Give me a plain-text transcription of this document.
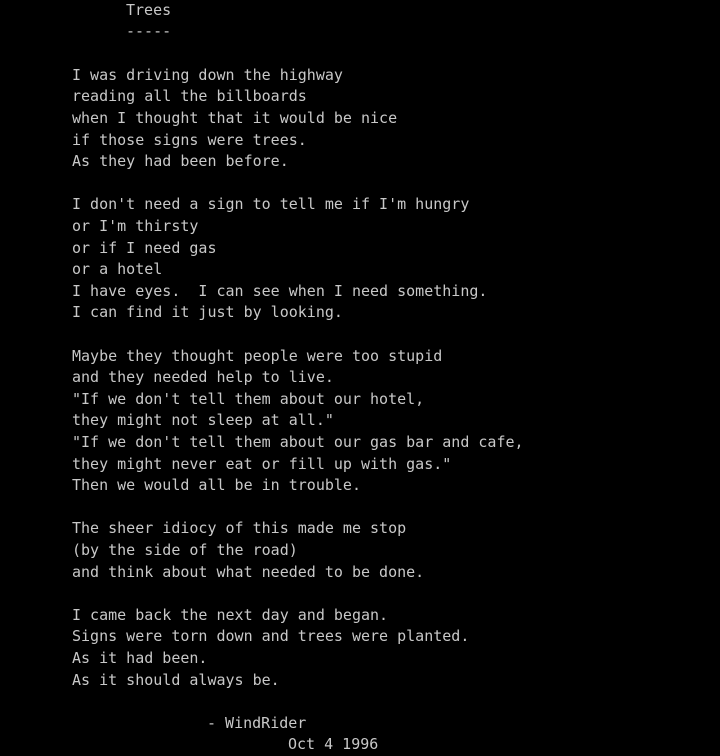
Trees
-----
I was driving down the highway
reading all the billboards
when I thought that it would be nice
if those signs were trees.
As they had been before.
I don't need a sign to tell me if I'm hungry
or I'm thirsty
or if I need gas
or a hotel
I have eyes.  I can see when I need something.
I can find it just by looking.
Maybe they thought people were too stupid
and they needed help to live.
"If we don't tell them about our hotel,
they might not sleep at all."
"If we don't tell them about our gas bar and cafe,
they might never eat or fill up with gas."
Then we would all be in trouble.
The sheer idiocy of this made me stop
(by the side of the road)
and think about what needed to be done.
I came back the next day and began.
Signs were torn down and trees were planted.
As it had been.
As it should always be.
- WindRider
Oct 4 1996
